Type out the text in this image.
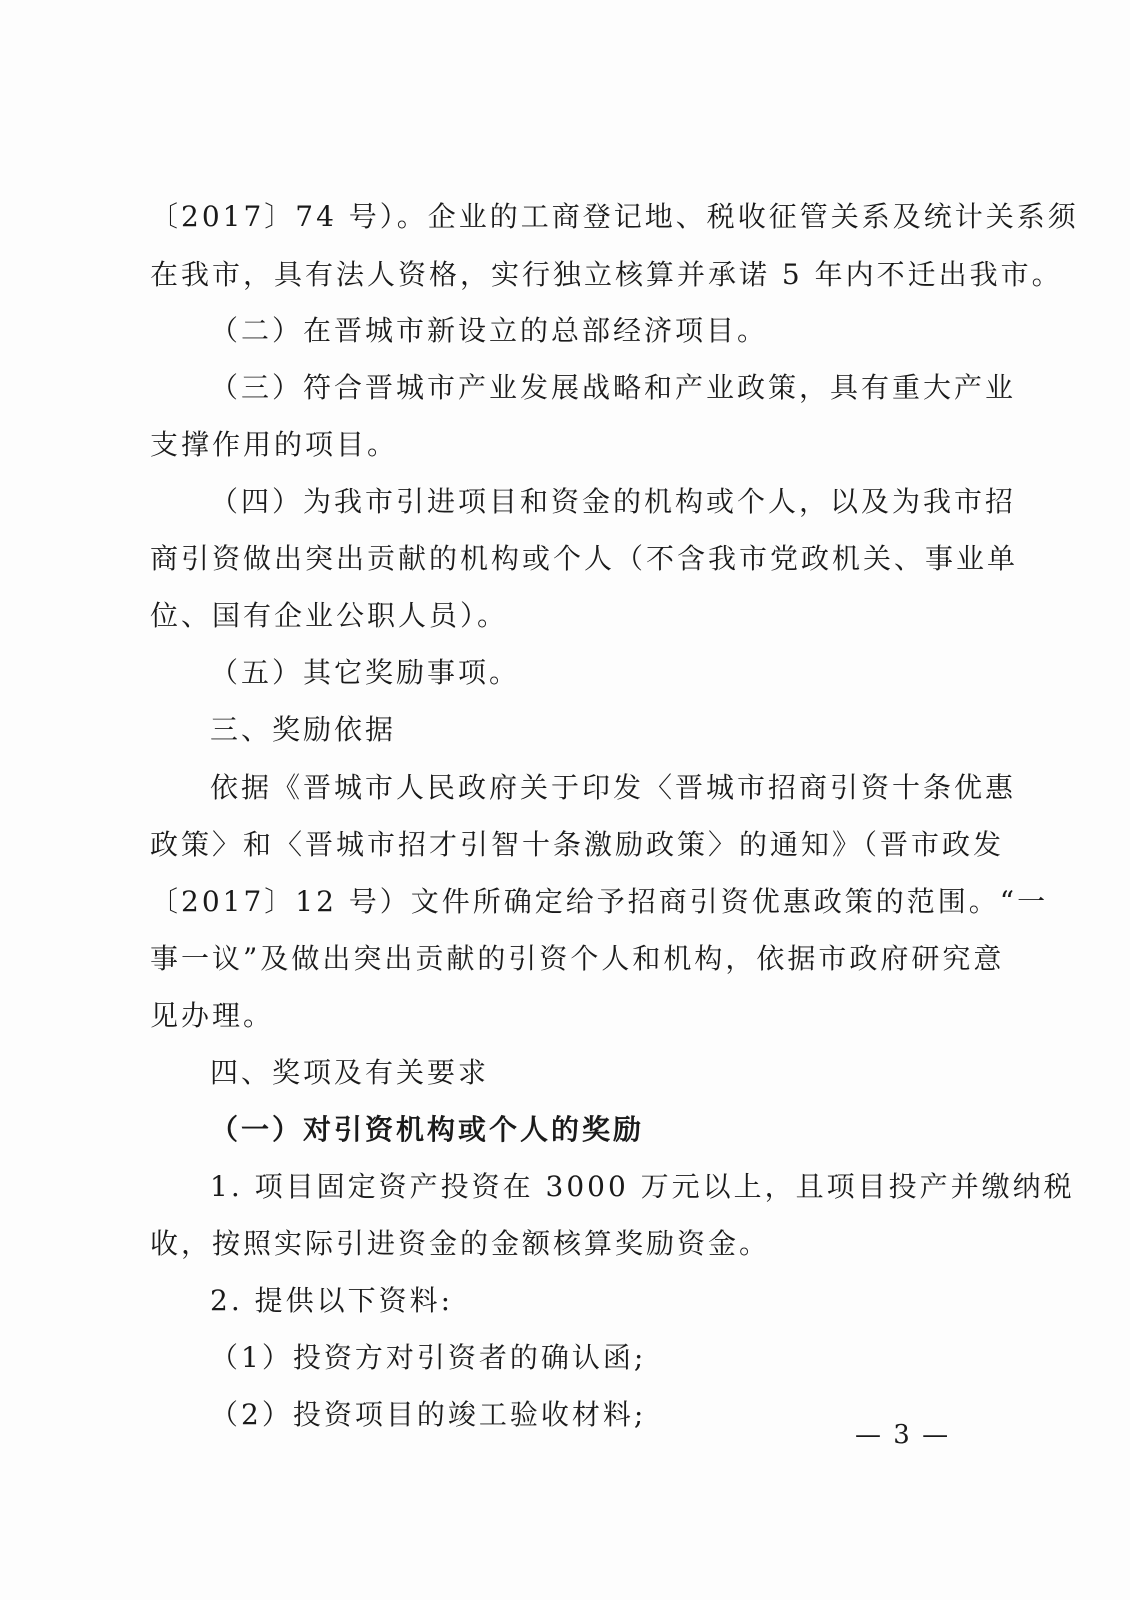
〔2017〕74 号）。企业的工商登记地、税收征管关系及统计关系须
在我市，具有法人资格，实行独立核算并承诺 5 年内不迁出我市。
（二）在晋城市新设立的总部经济项目。
（三）符合晋城市产业发展战略和产业政策，具有重大产业
支撑作用的项目。
（四）为我市引进项目和资金的机构或个人，以及为我市招
商引资做出突出贡献的机构或个人（不含我市党政机关、事业单
位、国有企业公职人员）。
（五）其它奖励事项。
三、奖励依据
依据《晋城市人民政府关于印发〈晋城市招商引资十条优惠
政策〉和〈晋城市招才引智十条激励政策〉的通知》（晋市政发
〔2017〕12 号）文件所确定给予招商引资优惠政策的范围。“一
事一议”及做出突出贡献的引资个人和机构，依据市政府研究意
见办理。
四、奖项及有关要求
（一）对引资机构或个人的奖励
1. 项目固定资产投资在 3000 万元以上，且项目投产并缴纳税
收，按照实际引进资金的金额核算奖励资金。
2. 提供以下资料:
（1）投资方对引资者的确认函;
（2）投资项目的竣工验收材料;
— 3 —
